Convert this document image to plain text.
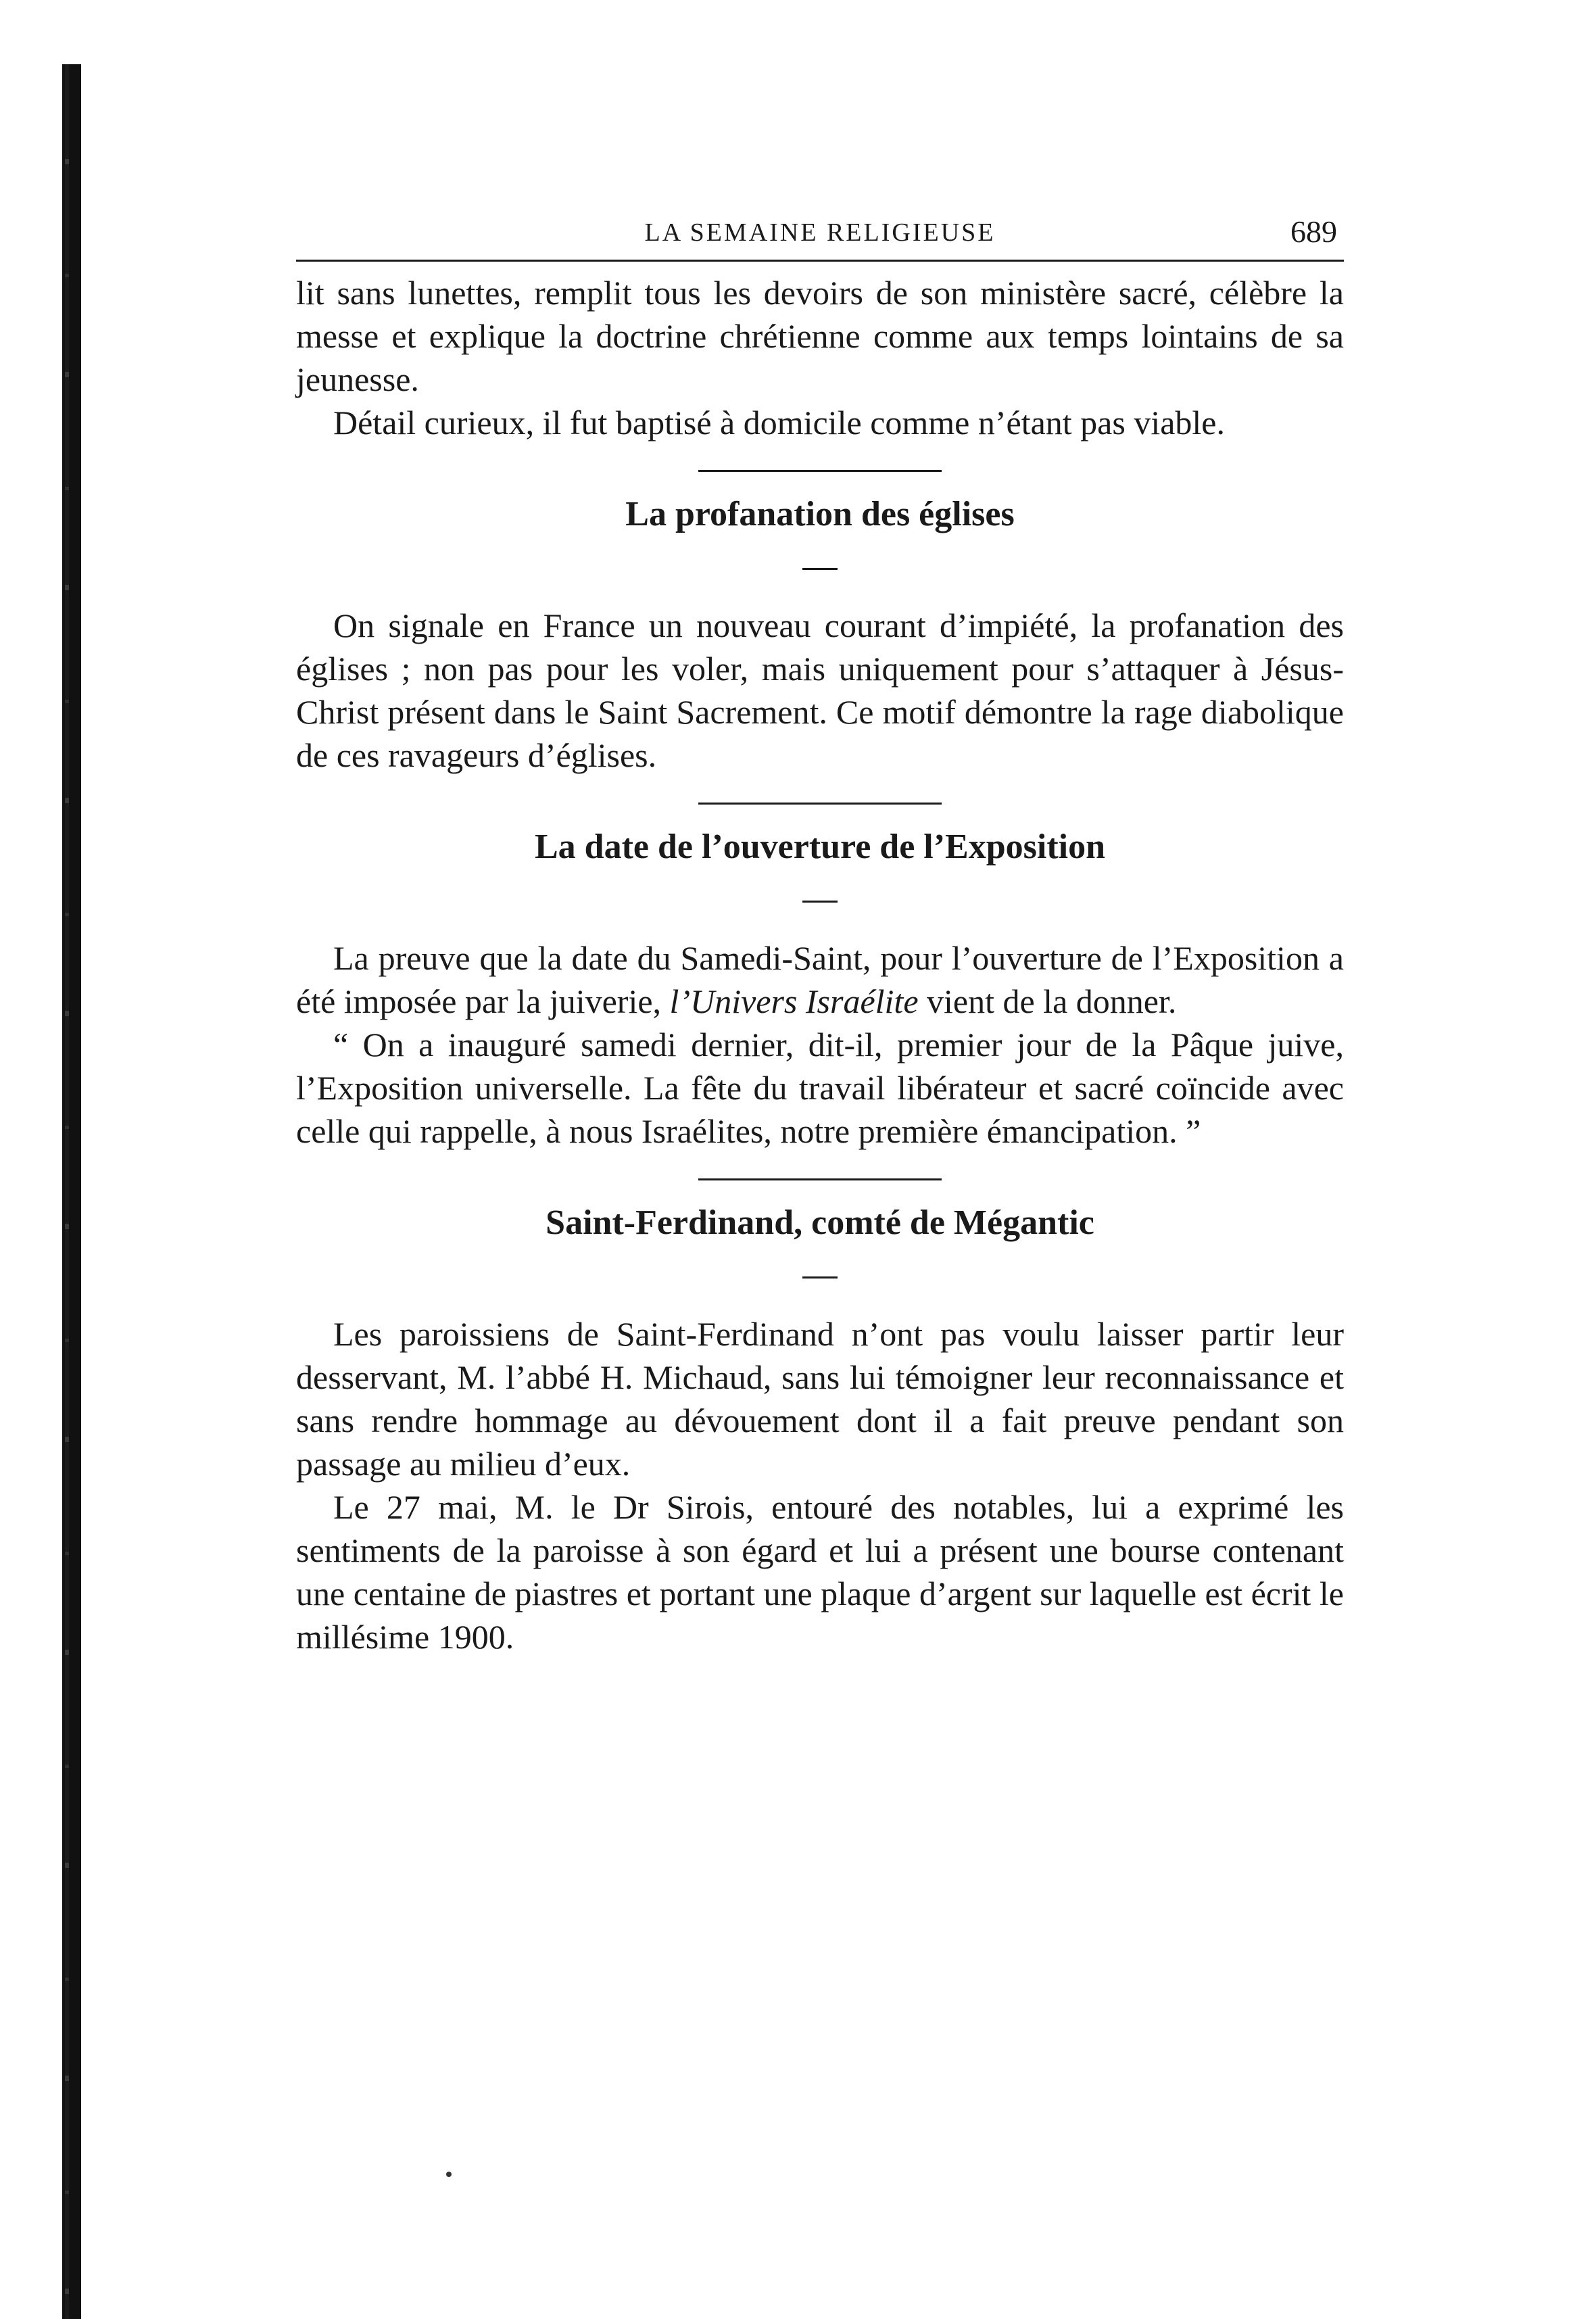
LA SEMAINE RELIGIEUSE	689

lit sans lunettes, remplit tous les devoirs de son ministère sacré, célèbre la messe et explique la doctrine chrétienne comme aux temps lointains de sa jeunesse.

Détail curieux, il fut baptisé à domicile comme n’étant pas viable.

La profanation des églises

On signale en France un nouveau courant d’impiété, la profanation des églises ; non pas pour les voler, mais uniquement pour s’attaquer à Jésus-Christ présent dans le Saint Sacrement. Ce motif démontre la rage diabolique de ces ravageurs d’églises.

La date de l’ouverture de l’Exposition

La preuve que la date du Samedi-Saint, pour l’ouverture de l’Exposition a été imposée par la juiverie, l’Univers Israélite vient de la donner.

“ On a inauguré samedi dernier, dit-il, premier jour de la Pâque juive, l’Exposition universelle. La fête du travail libérateur et sacré coïncide avec celle qui rappelle, à nous Israélites, notre première émancipation. ”

Saint-Ferdinand, comté de Mégantic

Les paroissiens de Saint-Ferdinand n’ont pas voulu laisser partir leur desservant, M. l’abbé H. Michaud, sans lui témoigner leur reconnaissance et sans rendre hommage au dévouement dont il a fait preuve pendant son passage au milieu d’eux.

Le 27 mai, M. le Dr Sirois, entouré des notables, lui a exprimé les sentiments de la paroisse à son égard et lui a présent une bourse contenant une centaine de piastres et portant une plaque d’argent sur laquelle est écrit le millésime 1900.
